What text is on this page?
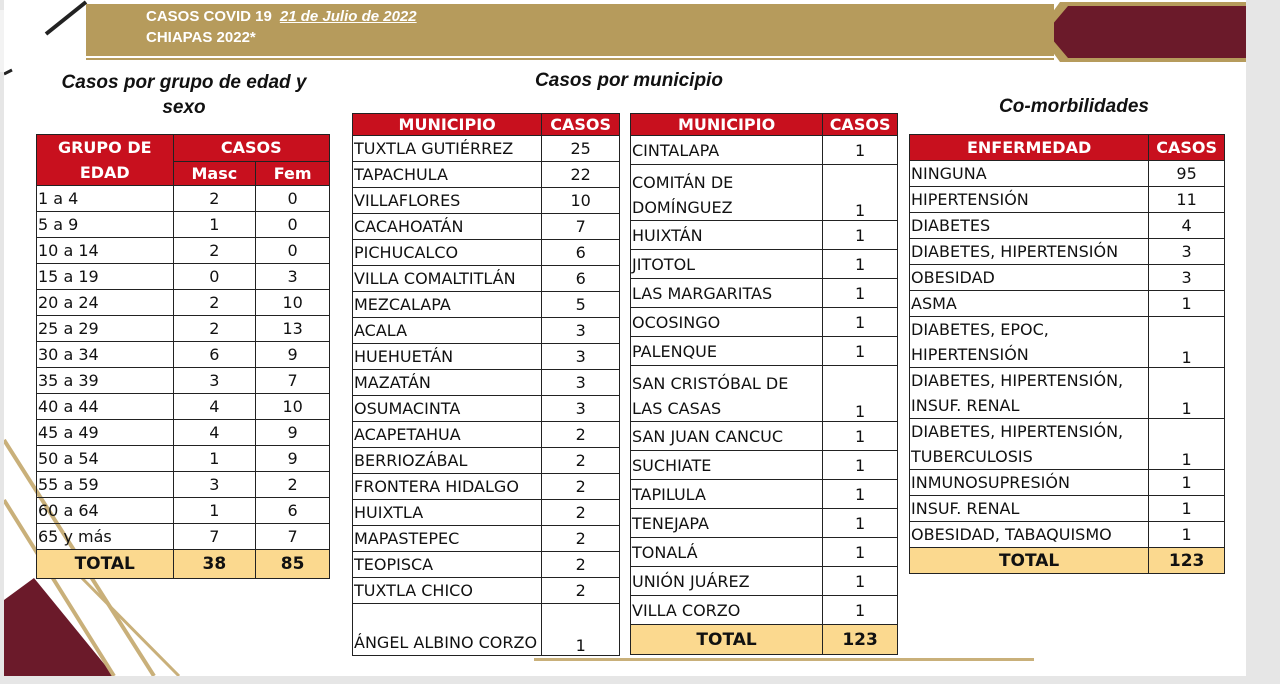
CASOS COVID 19 21 de Julio de 2022
CHIAPAS 2022*
Casos por grupo de edad y sexo
GRUPO DE EDAD	CASOS	
	Masc	Fem
1 a 4	2	0
5 a 9	1	0
10 a 14	2	0
15 a 19	0	3
20 a 24	2	10
25 a 29	2	13
30 a 34	6	9
35 a 39	3	7
40 a 44	4	10
45 a 49	4	9
50 a 54	1	9
55 a 59	3	2
60 a 64	1	6
65 y más	7	7
TOTAL	38	85
Casos por municipio
MUNICIPIO	CASOS
TUXTLA GUTIÉRREZ	25
TAPACHULA	22
VILLAFLORES	10
CACAHOATÁN	7
PICHUCALCO	6
VILLA COMALTITLÁN	6
MEZCALAPA	5
ACALA	3
HUEHUETÁN	3
MAZATÁN	3
OSUMACINTA	3
ACAPETAHUA	2
BERRIOZÁBAL	2
FRONTERA HIDALGO	2
HUIXTLA	2
MAPASTEPEC	2
TEOPISCA	2
TUXTLA CHICO	2
ÁNGEL ALBINO CORZO	1
MUNICIPIO	CASOS
CINTALAPA	1
COMITÁN DE DOMÍNGUEZ	1
HUIXTÁN	1
JITOTOL	1
LAS MARGARITAS	1
OCOSINGO	1
PALENQUE	1
SAN CRISTÓBAL DE LAS CASAS	1
SAN JUAN CANCUC	1
SUCHIATE	1
TAPILULA	1
TENEJAPA	1
TONALÁ	1
UNIÓN JUÁREZ	1
VILLA CORZO	1
TOTAL	123
Co-morbilidades
ENFERMEDAD	CASOS
NINGUNA	95
HIPERTENSIÓN	11
DIABETES	4
DIABETES, HIPERTENSIÓN	3
OBESIDAD	3
ASMA	1
DIABETES, EPOC, HIPERTENSIÓN	1
DIABETES, HIPERTENSIÓN, INSUF. RENAL	1
DIABETES, HIPERTENSIÓN, TUBERCULOSIS	1
INMUNOSUPRESIÓN	1
INSUF. RENAL	1
OBESIDAD, TABAQUISMO	1
TOTAL	123
